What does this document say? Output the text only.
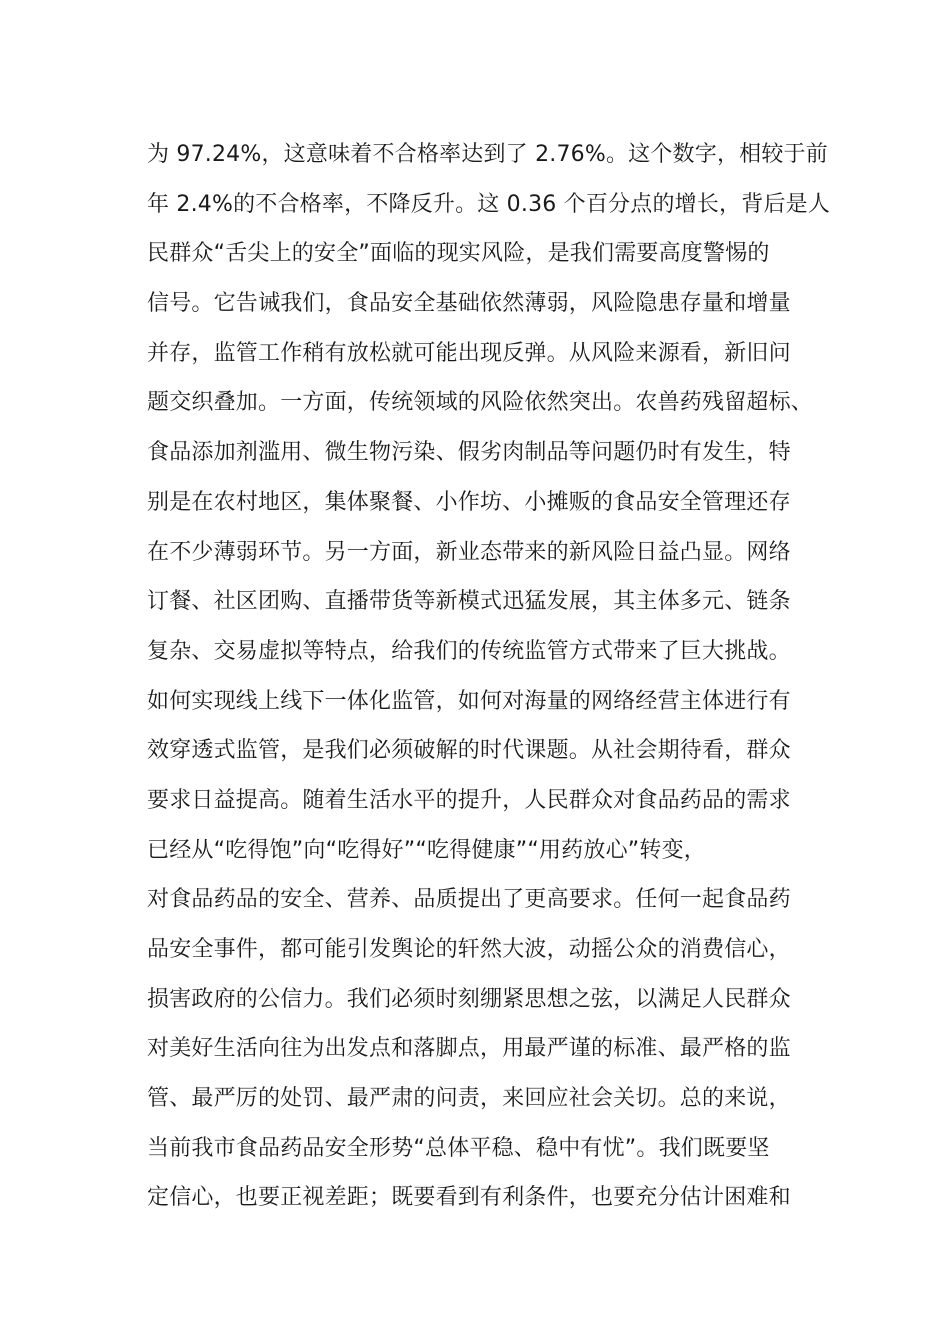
为 97.24%，这意味着不合格率达到了 2.76%。这个数字，相较于前
年 2.4%的不合格率，不降反升。这 0.36 个百分点的增长，背后是人
民群众“舌尖上的安全”面临的现实风险，是我们需要高度警惕的
信号。它告诫我们，食品安全基础依然薄弱，风险隐患存量和增量
并存，监管工作稍有放松就可能出现反弹。从风险来源看，新旧问
题交织叠加。一方面，传统领域的风险依然突出。农兽药残留超标、
食品添加剂滥用、微生物污染、假劣肉制品等问题仍时有发生，特
别是在农村地区，集体聚餐、小作坊、小摊贩的食品安全管理还存
在不少薄弱环节。另一方面，新业态带来的新风险日益凸显。网络
订餐、社区团购、直播带货等新模式迅猛发展，其主体多元、链条
复杂、交易虚拟等特点，给我们的传统监管方式带来了巨大挑战。
如何实现线上线下一体化监管，如何对海量的网络经营主体进行有
效穿透式监管，是我们必须破解的时代课题。从社会期待看，群众
要求日益提高。随着生活水平的提升，人民群众对食品药品的需求
已经从“吃得饱”向“吃得好”“吃得健康”“用药放心”转变，
对食品药品的安全、营养、品质提出了更高要求。任何一起食品药
品安全事件，都可能引发舆论的轩然大波，动摇公众的消费信心，
损害政府的公信力。我们必须时刻绷紧思想之弦，以满足人民群众
对美好生活向往为出发点和落脚点，用最严谨的标准、最严格的监
管、最严厉的处罚、最严肃的问责，来回应社会关切。总的来说，
当前我市食品药品安全形势“总体平稳、稳中有忧”。我们既要坚
定信心，也要正视差距；既要看到有利条件，也要充分估计困难和
